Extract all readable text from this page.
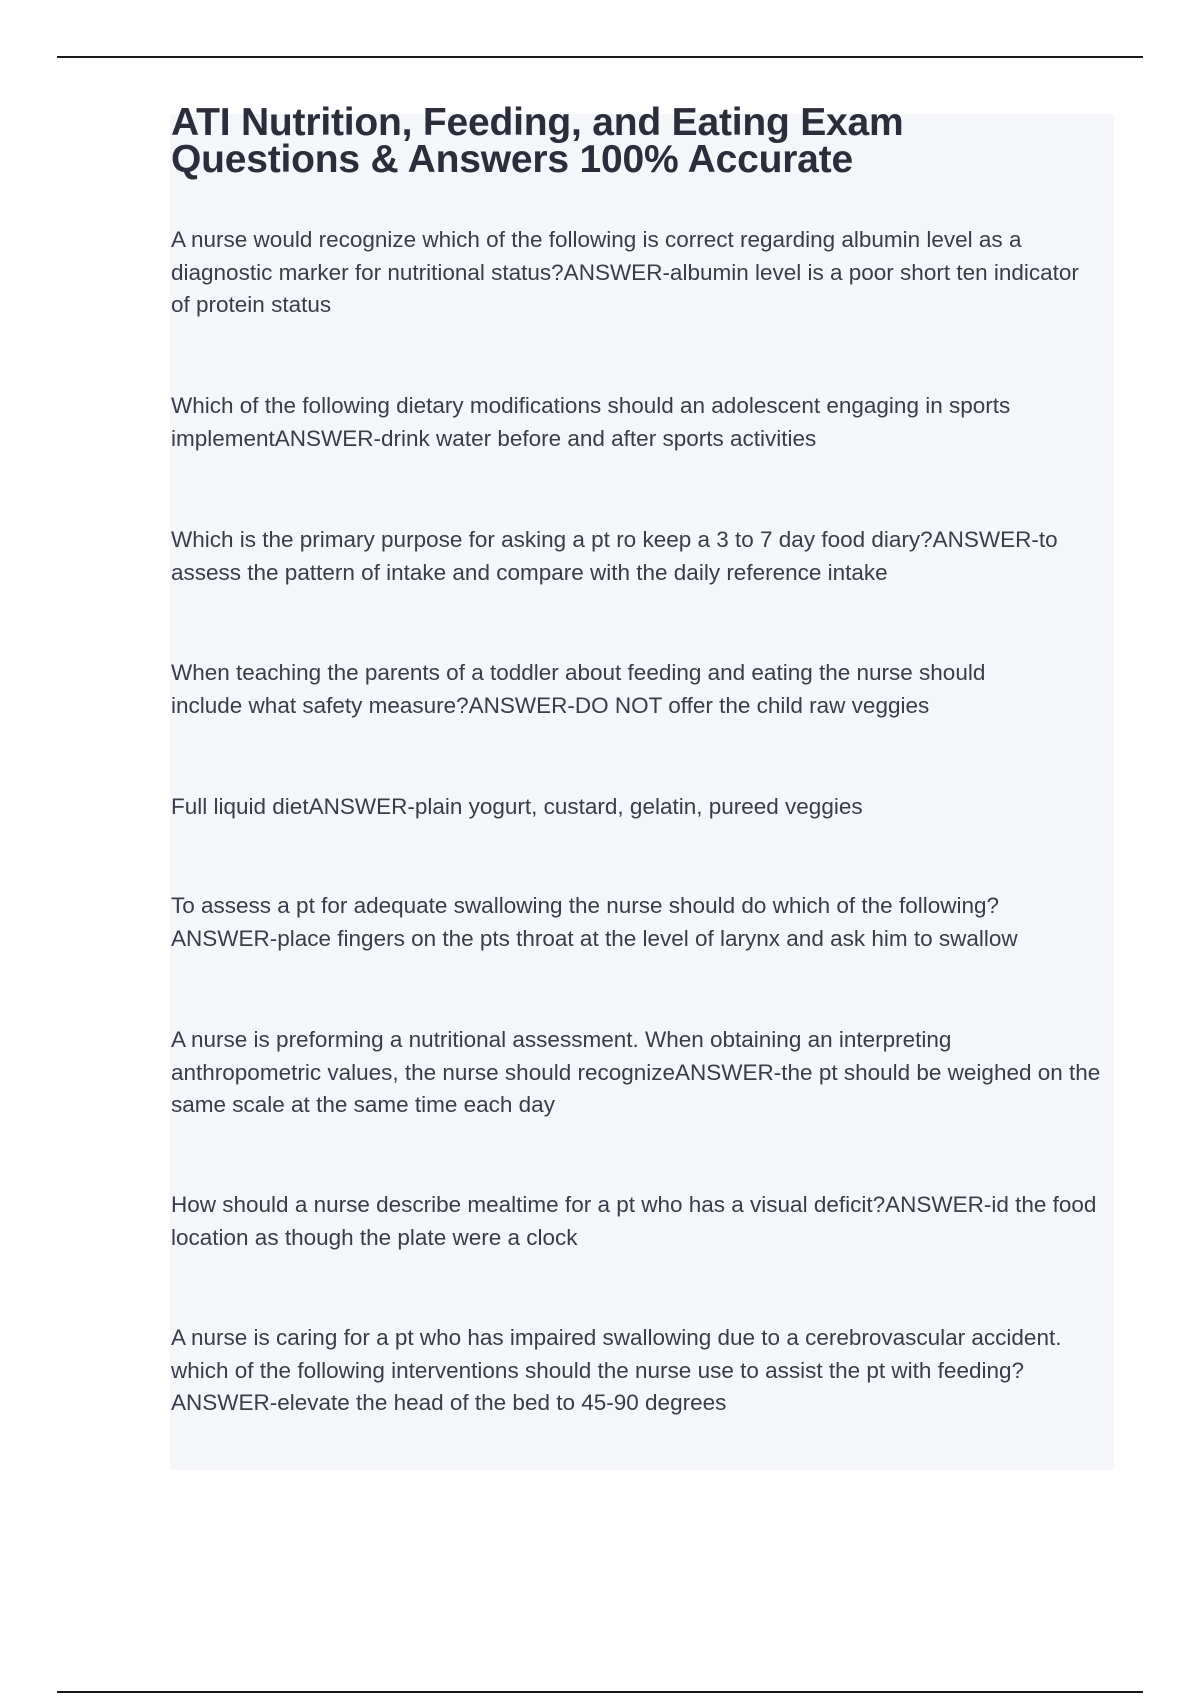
ATI Nutrition, Feeding, and Eating Exam
Questions & Answers 100% Accurate

A nurse would recognize which of the following is correct regarding albumin level as a diagnostic marker for nutritional status?ANSWER-albumin level is a poor short ten indicator of protein status

Which of the following dietary modifications should an adolescent engaging in sports implementANSWER-drink water before and after sports activities

Which is the primary purpose for asking a pt ro keep a 3 to 7 day food diary?ANSWER-to assess the pattern of intake and compare with the daily reference intake

When teaching the parents of a toddler about feeding and eating the nurse should include what safety measure?ANSWER-DO NOT offer the child raw veggies

Full liquid dietANSWER-plain yogurt, custard, gelatin, pureed veggies

To assess a pt for adequate swallowing the nurse should do which of the following?ANSWER-place fingers on the pts throat at the level of larynx and ask him to swallow

A nurse is preforming a nutritional assessment. When obtaining an interpreting anthropometric values, the nurse should recognizeANSWER-the pt should be weighed on the same scale at the same time each day

How should a nurse describe mealtime for a pt who has a visual deficit?ANSWER-id the food location as though the plate were a clock

A nurse is caring for a pt who has impaired swallowing due to a cerebrovascular accident. which of the following interventions should the nurse use to assist the pt with feeding?ANSWER-elevate the head of the bed to 45-90 degrees
